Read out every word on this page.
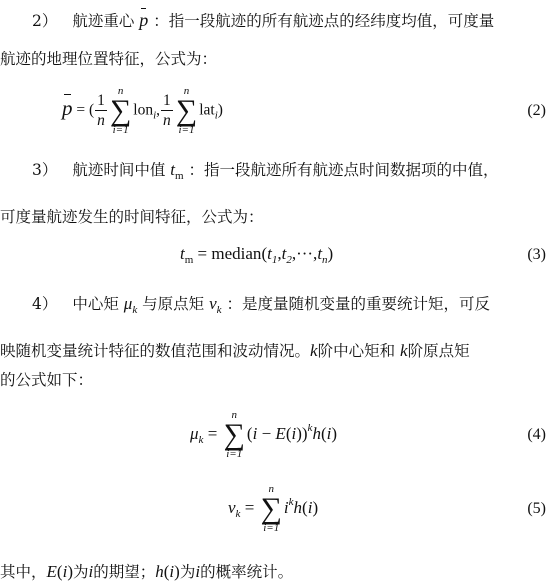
2） 航迹重心 p ：指一段航迹的所有航迹点的经纬度均值，可度量
航迹的地理位置特征，公式为：
p = ( $\frac{1}{n}$
n
∑
i=1
lon$_i$, $\frac{1}{n}$
n
∑
i=1
lat$_i$)	(2)
3） 航迹时间中值 $t_m$ ：指一段航迹所有航迹点时间数据项的中值，
可度量航迹发生的时间特征，公式为：
$t_m$ = $median(t_1,t_2,\cdot\cdot\cdot,t_n)$	(3)
4） 中心矩 $\mu_k$ 与原点矩 $v_k$ ：是度量随机变量的重要统计矩，可反
映随机变量统计特征的数值范围和波动情况。k阶中心矩和 k阶原点矩
的公式如下：
$\mu_k$ =
n
∑
i=1
$(i - E(i))^kh(i)$	(4)
$v_k$ =
n
∑
i=1
$i^kh(i)$	(5)
其中，E(i)为i的期望；h(i)为i的概率统计。
